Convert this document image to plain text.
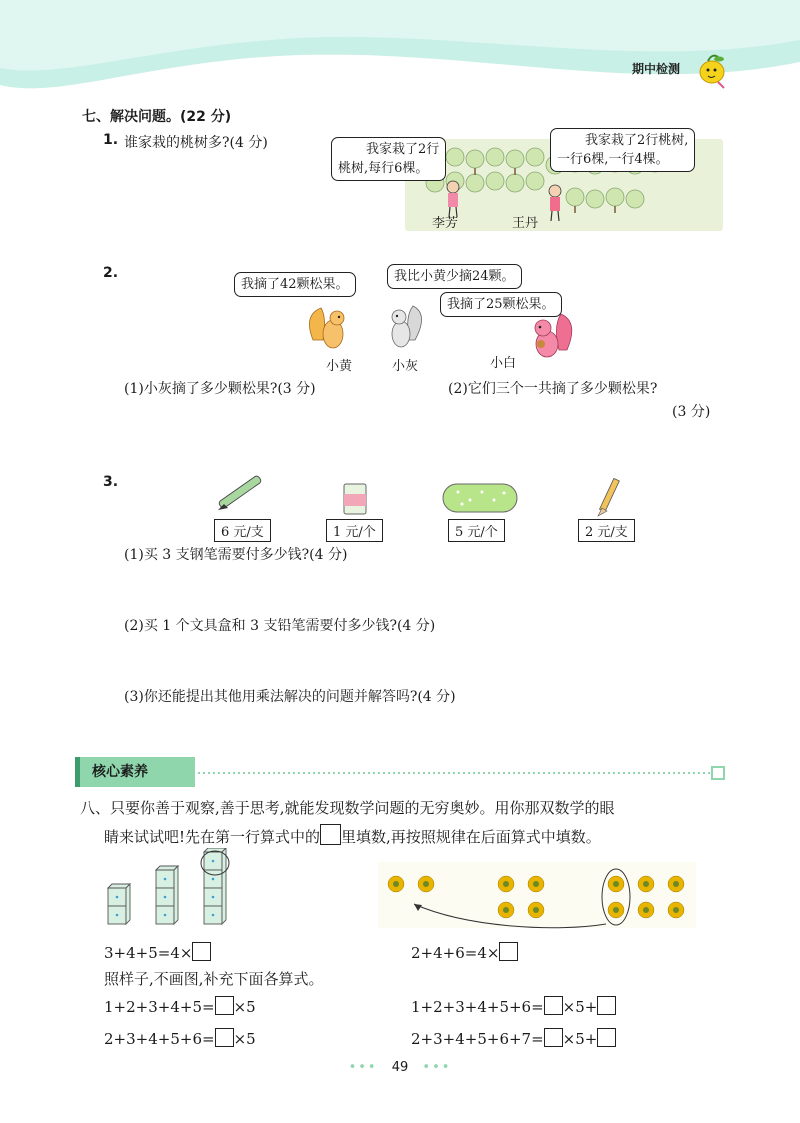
期中检测
七、解决问题。(22 分)
1. 谁家栽的桃树多?(4 分)	我家栽了2行
桃树,每行6棵。
我家栽了2行桃树,
一行6棵,一行4棵。
李芳	王丹
2.
我摘了42颗松果。
我比小黄少摘24颗。
我摘了25颗松果。
小黄	小灰	小白
(1)小灰摘了多少颗松果?(3 分)	(2)它们三个一共摘了多少颗松果?
(3 分)
3.
6 元/支	1 元/个	5 元/个	2 元/支
(1)买 3 支钢笔需要付多少钱?(4 分)
(2)买 1 个文具盒和 3 支铅笔需要付多少钱?(4 分)
(3)你还能提出其他用乘法解决的问题并解答吗?(4 分)
核心素养
八、只要你善于观察,善于思考,就能发现数学问题的无穷奥妙。用你那双数学的眼
睛来试试吧!先在第一行算式中的 里填数,再按照规律在后面算式中填数。
3+4+5=4×	2+4+6=4×
照样子,不画图,补充下面各算式。
1+2+3+4+5= ×5	1+2+3+4+5+6= ×5+
2+3+4+5+6= ×5	2+3+4+5+6+7= ×5+
••• 49 •••
